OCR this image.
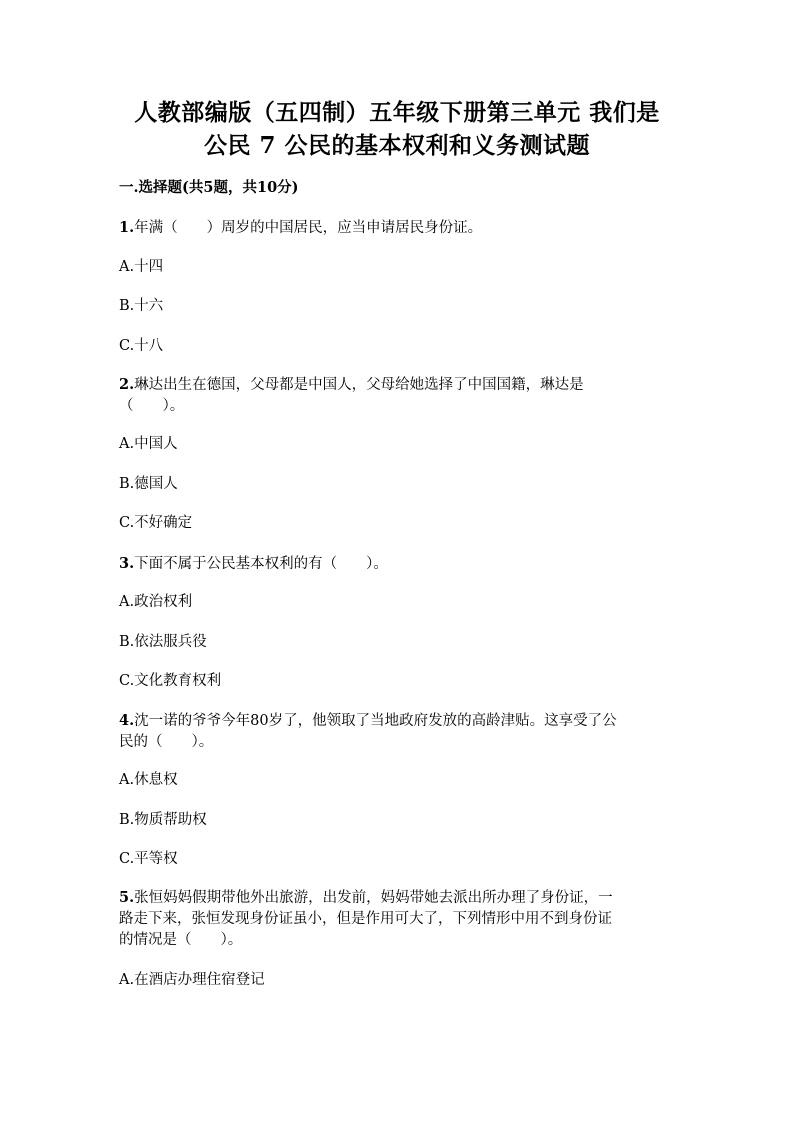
人教部编版（五四制）五年级下册第三单元 我们是
公民 7 公民的基本权利和义务测试题
一.选择题(共5题，共10分)
1.年满（　　）周岁的中国居民，应当申请居民身份证。
A.十四
B.十六
C.十八
2.琳达出生在德国，父母都是中国人，父母给她选择了中国国籍，琳达是
（　　）。
A.中国人
B.德国人
C.不好确定
3.下面不属于公民基本权利的有（　　）。
A.政治权利
B.依法服兵役
C.文化教育权利
4.沈一诺的爷爷今年80岁了，他领取了当地政府发放的高龄津贴。这享受了公
民的（　　）。
A.休息权
B.物质帮助权
C.平等权
5.张恒妈妈假期带他外出旅游，出发前，妈妈带她去派出所办理了身份证，一
路走下来，张恒发现身份证虽小，但是作用可大了，下列情形中用不到身份证
的情况是（　　）。
A.在酒店办理住宿登记
